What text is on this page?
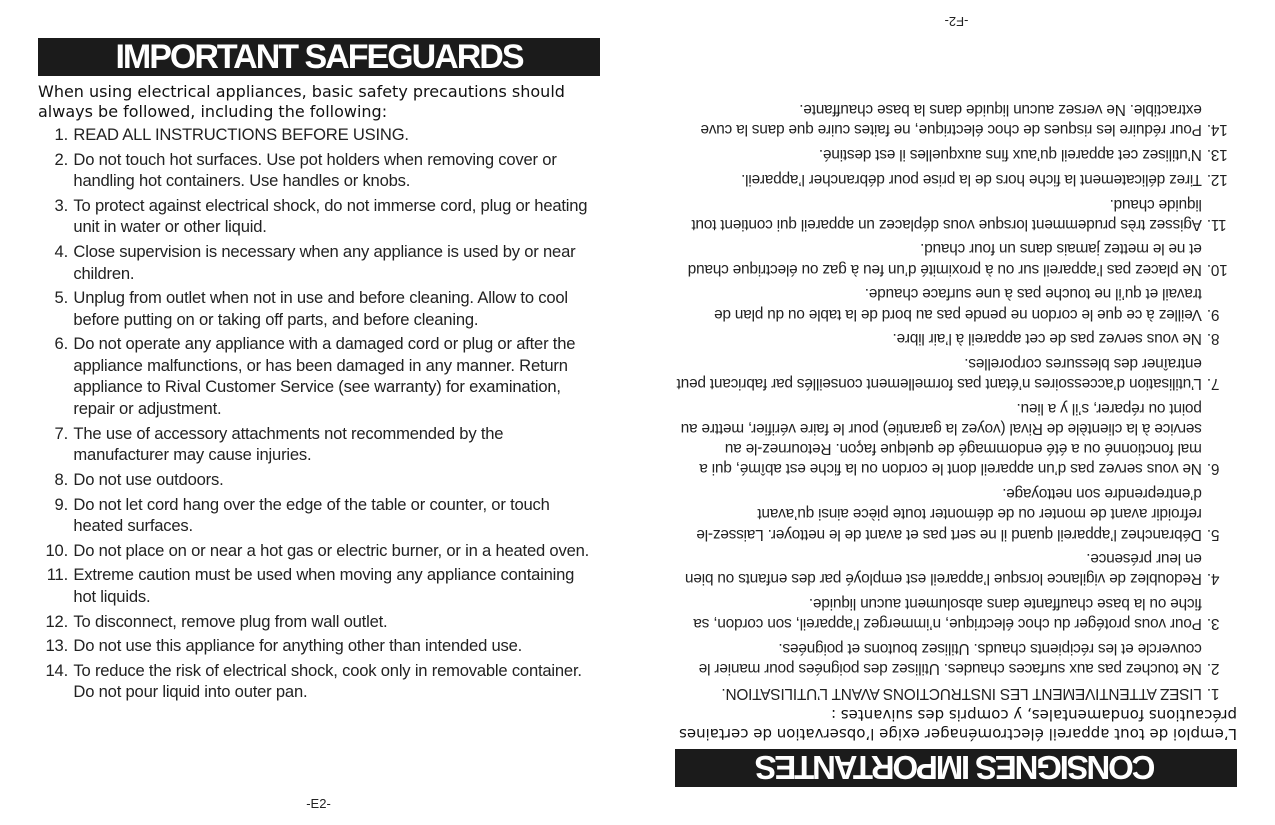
IMPORTANT SAFEGUARDS
When using electrical appliances, basic safety precautions should always be followed, including the following:
1.
READ ALL INSTRUCTIONS BEFORE USING.
2.
Do not touch hot surfaces. Use pot holders when removing cover or handling hot containers. Use handles or knobs.
3.
To protect against electrical shock, do not immerse cord, plug or heating unit in water or other liquid.
4.
Close supervision is necessary when any appliance is used by or near children.
5.
Unplug from outlet when not in use and before cleaning. Allow to cool before putting on or taking off parts, and before cleaning.
6.
Do not operate any appliance with a damaged cord or plug or after the appliance malfunctions, or has been damaged in any manner. Return appliance to Rival Customer Service (see warranty) for examination, repair or adjustment.
7.
The use of accessory attachments not recommended by the manufacturer may cause injuries.
8.
Do not use outdoors.
9.
Do not let cord hang over the edge of the table or counter, or touch heated surfaces.
10.
Do not place on or near a hot gas or electric burner, or in a heated oven.
11.
Extreme caution must be used when moving any appliance containing hot liquids.
12.
To disconnect, remove plug from wall outlet.
13.
Do not use this appliance for anything other than intended use.
14.
To reduce the risk of electrical shock, cook only in removable container. Do not pour liquid into outer pan.
-E2-
CONSIGNES IMPORTANTES
L’emploi de tout appareil électroménager exige l’observation de certaines précautions fondamentales, y compris des suivantes :
1.

LISEZ ATTENTIVEMENT LES INSTRUCTIONS AVANT L’UTILISATION.
2.

Ne touchez pas aux surfaces chaudes. Utilisez des poignées pour manier le couvercle et les récipients chauds. Utilisez boutons et poignées.
3.

Pour vous protéger du choc électrique, n’immergez l’appareil, son cordon, sa fiche ou la base chauffante dans absolument aucun liquide.
4.

Redoublez de vigilance lorsque l’appareil est employé par des enfants ou bien en leur présence.
5.

Débranchez l’appareil quand il ne sert pas et avant de le nettoyer. Laissez-le refroidir avant de monter ou de démonter toute pièce ainsi qu’avant d’entreprendre son nettoyage.
6.

Ne vous servez pas d’un appareil dont le cordon ou la fiche est abîmé, qui a mal fonctionné ou a été endommagé de quelque façon. Retournez-le au service à la clientèle de Rival (voyez la garantie) pour le faire vérifier, mettre au point ou réparer, s’il y a lieu.
7.

L’utilisation d’accessoires n’étant pas formellement conseillés par fabricant peut entraîner des blessures corporelles.
8.

Ne vous servez pas de cet appareil à l’air libre.
9.

Veillez à ce que le cordon ne pende pas au bord de la table ou du plan de travail et qu’il ne touche pas à une surface chaude.
10.

Ne placez pas l’appareil sur ou à proximité d’un feu à gaz ou électrique chaud et ne le mettez jamais dans un four chaud.
11.

Agissez très prudemment lorsque vous déplacez un appareil qui contient tout liquide chaud.
12.

Tirez délicatement la fiche hors de la prise pour débrancher l’appareil.
13.

N’utilisez cet appareil qu’aux fins auxquelles il est destiné.
14.

Pour réduire les risques de choc électrique, ne faites cuire que dans la cuve extractible. Ne versez aucun liquide dans la base chauffante.
-F2-
